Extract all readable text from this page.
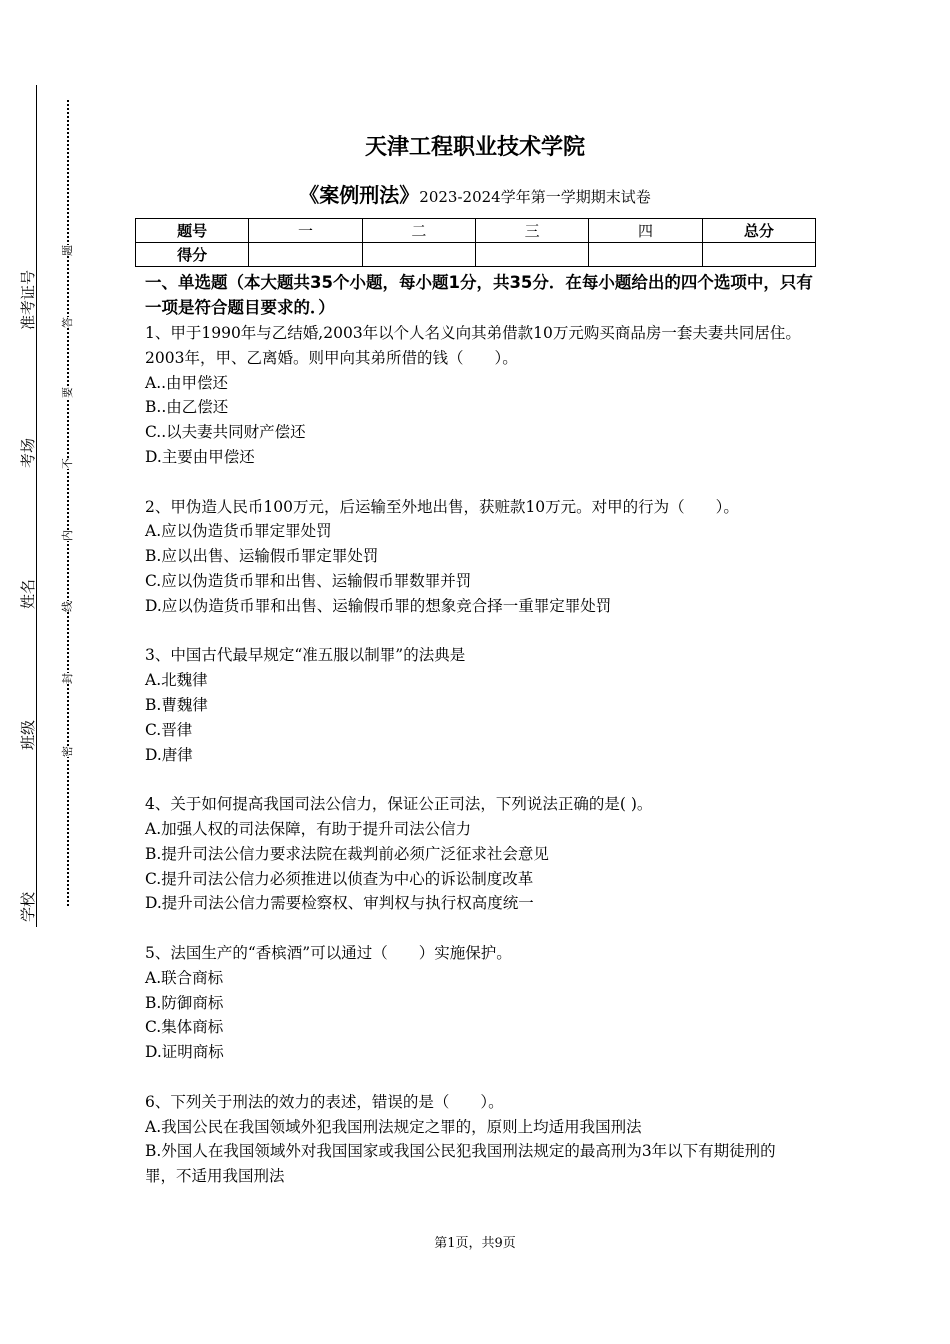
准考证号
考场
姓名
班级
学校
题
答
要
不
内
线
封
密
天津工程职业技术学院
《案例刑法》2023-2024学年第一学期期末试卷
题号	一	二	三	四	总分
得分					
一、单选题（本大题共35个小题，每小题1分，共35分．在每小题给出的四个选项中，只有一项是符合题目要求的．）

1、甲于1990年与乙结婚,2003年以个人名义向其弟借款10万元购买商品房一套夫妻共同居住。2003年，甲、乙离婚。则甲向其弟所借的钱（　　）。

A..由甲偿还

B..由乙偿还

C..以夫妻共同财产偿还

D.主要由甲偿还

2、甲伪造人民币100万元，后运输至外地出售，获赃款10万元。对甲的行为（　　）。

A.应以伪造货币罪定罪处罚

B.应以出售、运输假币罪定罪处罚

C.应以伪造货币罪和出售、运输假币罪数罪并罚

D.应以伪造货币罪和出售、运输假币罪的想象竞合择一重罪定罪处罚

3、中国古代最早规定“准五服以制罪”的法典是

A.北魏律

B.曹魏律

C.晋律

D.唐律

4、关于如何提高我国司法公信力，保证公正司法，下列说法正确的是( )。

A.加强人权的司法保障，有助于提升司法公信力

B.提升司法公信力要求法院在裁判前必须广泛征求社会意见

C.提升司法公信力必须推进以侦查为中心的诉讼制度改革

D.提升司法公信力需要检察权、审判权与执行权高度统一

5、法国生产的“香槟酒”可以通过（　　）实施保护。

A.联合商标

B.防御商标

C.集体商标

D.证明商标

6、下列关于刑法的效力的表述，错误的是（　　）。

A.我国公民在我国领域外犯我国刑法规定之罪的，原则上均适用我国刑法

B.外国人在我国领域外对我国国家或我国公民犯我国刑法规定的最高刑为3年以下有期徒刑的罪，不适用我国刑法

第1页，共9页
